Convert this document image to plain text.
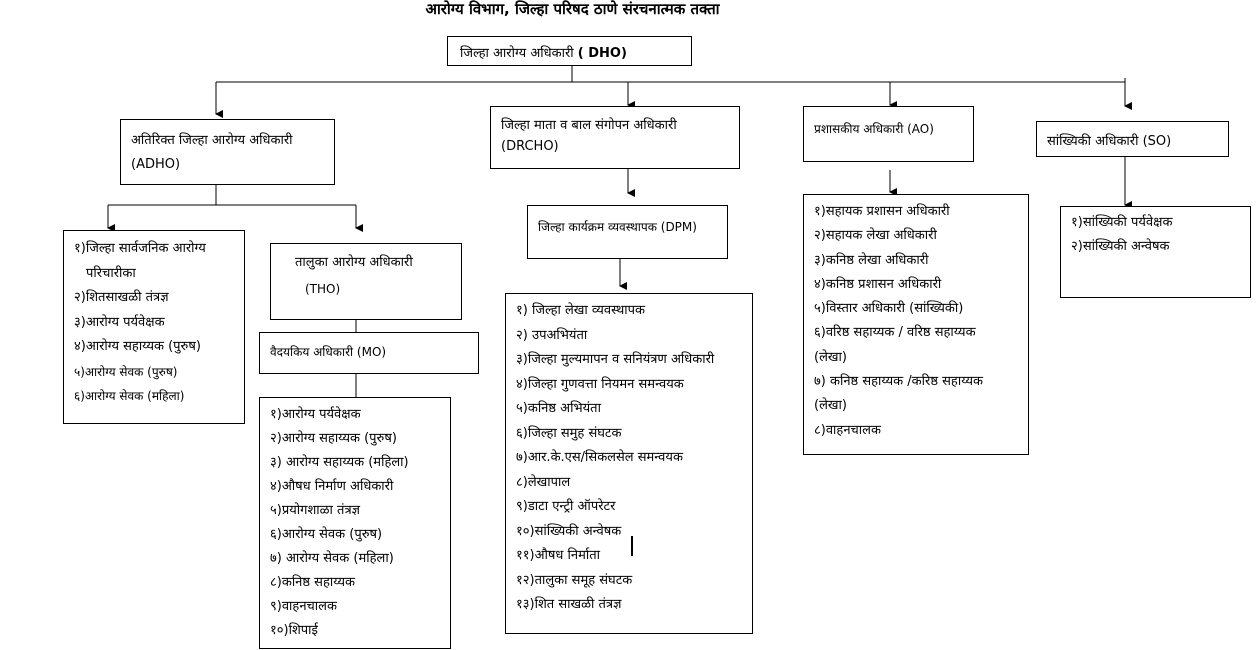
आरोग्य विभाग, जिल्हा परिषद ठाणे संरचनात्मक तक्ता
जिल्हा आरोग्य अधिकारी ( DHO)
अतिरिक्त जिल्हा आरोग्य अधिकारी
(ADHO)
जिल्हा माता व बाल संगोपन अधिकारी
(DRCHO)
प्रशासकीय अधिकारी (AO)
सांख्यिकी अधिकारी (SO)
१)जिल्हा सार्वजनिक आरोग्य
परिचारीका
२)शितसाखळी तंत्रज्ञ
३)आरोग्य पर्यवेक्षक
४)आरोग्य सहाय्यक (पुरुष)
५)आरोग्य सेवक (पुरुष)
६)आरोग्य सेवक (महिला)
तालुका आरोग्य अधिकारी
(THO)
वैदयकिय अधिकारी (MO)
१)आरोग्य पर्यवेक्षक
२)आरोग्य सहाय्यक (पुरुष)
३) आरोग्य सहाय्यक (महिला)
४)औषध निर्माण अधिकारी
५)प्रयोगशाळा तंत्रज्ञ
६)आरोग्य सेवक (पुरुष)
७) आरोग्य सेवक (महिला)
८)कनिष्ठ सहाय्यक
९)वाहनचालक
१०)शिपाई
जिल्हा कार्यक्रम व्यवस्थापक (DPM)
१) जिल्हा लेखा व्यवस्थापक
२) उपअभियंता
३)जिल्हा मुल्यमापन व सनियंत्रण अधिकारी
४)जिल्हा गुणवत्ता नियमन समन्वयक
५)कनिष्ठ अभियंता
६)जिल्हा समुह संघटक
७)आर.के.एस/सिकलसेल समन्वयक
८)लेखापाल
९)डाटा एन्ट्री ऑपरेटर
१०)सांख्यिकी अन्वेषक
११)औषध निर्माता
१२)तालुका समूह संघटक
१३)शित साखळी तंत्रज्ञ
१)सहायक प्रशासन अधिकारी
२)सहायक लेखा अधिकारी
३)कनिष्ठ लेखा अधिकारी
४)कनिष्ठ प्रशासन अधिकारी
५)विस्तार अधिकारी (सांख्यिकी)
६)वरिष्ठ सहाय्यक / वरिष्ठ सहाय्यक
(लेखा)
७) कनिष्ठ सहाय्यक /करिष्ठ सहाय्यक
(लेखा)
८)वाहनचालक
१)सांख्यिकी पर्यवेक्षक
२)सांख्यिकी अन्वेषक
